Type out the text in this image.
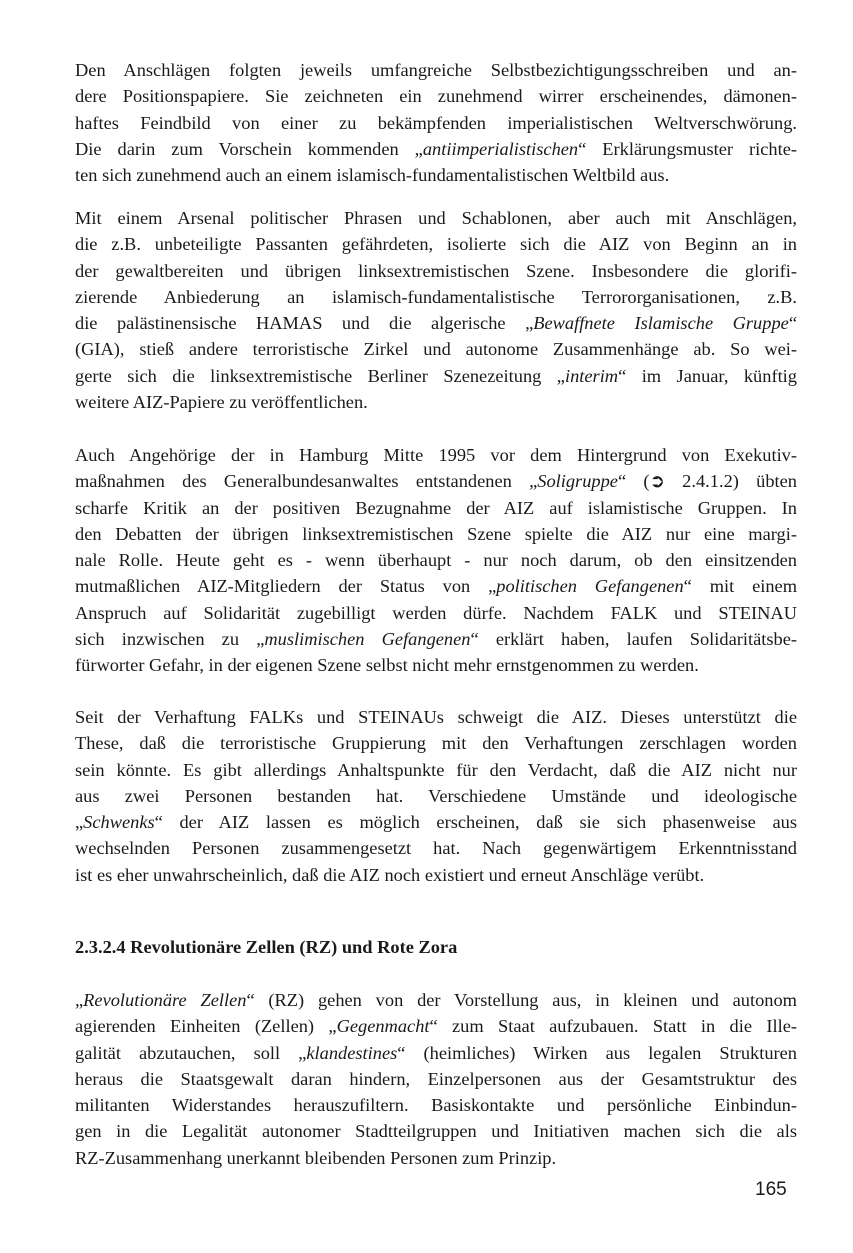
Den Anschlägen folgten jeweils umfangreiche Selbstbezichtigungsschreiben und an-
dere Positionspapiere. Sie zeichneten ein zunehmend wirrer erscheinendes, dämonen-
haftes Feindbild von einer zu bekämpfenden imperialistischen Weltverschwörung.
Die darin zum Vorschein kommenden „antiimperialistischen“ Erklärungsmuster richte-
ten sich zunehmend auch an einem islamisch-fundamentalistischen Weltbild aus.
Mit einem Arsenal politischer Phrasen und Schablonen, aber auch mit Anschlägen,
die z.B. unbeteiligte Passanten gefährdeten, isolierte sich die AIZ von Beginn an in
der gewaltbereiten und übrigen linksextremistischen Szene. Insbesondere die glorifi-
zierende Anbiederung an islamisch-fundamentalistische Terrororganisationen, z.B.
die palästinensische HAMAS und die algerische „Bewaffnete Islamische Gruppe“
(GIA), stieß andere terroristische Zirkel und autonome Zusammenhänge ab. So wei-
gerte sich die linksextremistische Berliner Szenezeitung „interim“ im Januar, künftig
weitere AIZ-Papiere zu veröffentlichen.
Auch Angehörige der in Hamburg Mitte 1995 vor dem Hintergrund von Exekutiv-
maßnahmen des Generalbundesanwaltes entstandenen „Soligruppe“ (➲ 2.4.1.2) übten
scharfe Kritik an der positiven Bezugnahme der AIZ auf islamistische Gruppen. In
den Debatten der übrigen linksextremistischen Szene spielte die AIZ nur eine margi-
nale Rolle. Heute geht es - wenn überhaupt - nur noch darum, ob den einsitzenden
mutmaßlichen AIZ-Mitgliedern der Status von „politischen Gefangenen“ mit einem
Anspruch auf Solidarität zugebilligt werden dürfe. Nachdem FALK und STEINAU
sich inzwischen zu „muslimischen Gefangenen“ erklärt haben, laufen Solidaritätsbe-
fürworter Gefahr, in der eigenen Szene selbst nicht mehr ernstgenommen zu werden.
Seit der Verhaftung FALKs und STEINAUs schweigt die AIZ. Dieses unterstützt die
These, daß die terroristische Gruppierung mit den Verhaftungen zerschlagen worden
sein könnte. Es gibt allerdings Anhaltspunkte für den Verdacht, daß die AIZ nicht nur
aus zwei Personen bestanden hat. Verschiedene Umstände und ideologische
„Schwenks“ der AIZ lassen es möglich erscheinen, daß sie sich phasenweise aus
wechselnden Personen zusammengesetzt hat. Nach gegenwärtigem Erkenntnisstand
ist es eher unwahrscheinlich, daß die AIZ noch existiert und erneut Anschläge verübt.
2.3.2.4 Revolutionäre Zellen (RZ) und Rote Zora
„Revolutionäre Zellen“ (RZ) gehen von der Vorstellung aus, in kleinen und autonom
agierenden Einheiten (Zellen) „Gegenmacht“ zum Staat aufzubauen. Statt in die Ille-
galität abzutauchen, soll „klandestines“ (heimliches) Wirken aus legalen Strukturen
heraus die Staatsgewalt daran hindern, Einzelpersonen aus der Gesamtstruktur des
militanten Widerstandes herauszufiltern. Basiskontakte und persönliche Einbindun-
gen in die Legalität autonomer Stadtteilgruppen und Initiativen machen sich die als
RZ-Zusammenhang unerkannt bleibenden Personen zum Prinzip.
165
